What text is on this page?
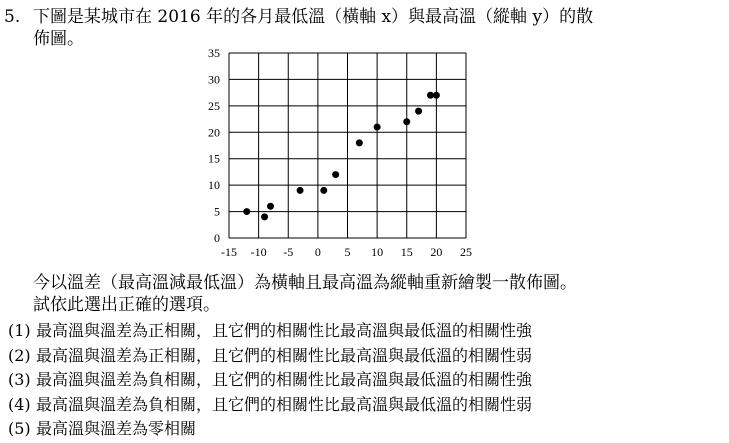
5. 下圖是某城市在 2016 年的各月最低溫（橫軸 x）與最高溫（縱軸 y）的散
佈圖。
-15 -10 -5 0 5 10 15 20 25
0
5
10
15
20
25
30
35
今以溫差（最高溫減最低溫）為橫軸且最高溫為縱軸重新繪製一散佈圖。
試依此選出正確的選項。
(1) 最高溫與溫差為正相關，且它們的相關性比最高溫與最低溫的相關性強
(2) 最高溫與溫差為正相關，且它們的相關性比最高溫與最低溫的相關性弱
(3) 最高溫與溫差為負相關，且它們的相關性比最高溫與最低溫的相關性強
(4) 最高溫與溫差為負相關，且它們的相關性比最高溫與最低溫的相關性弱
(5) 最高溫與溫差為零相關
